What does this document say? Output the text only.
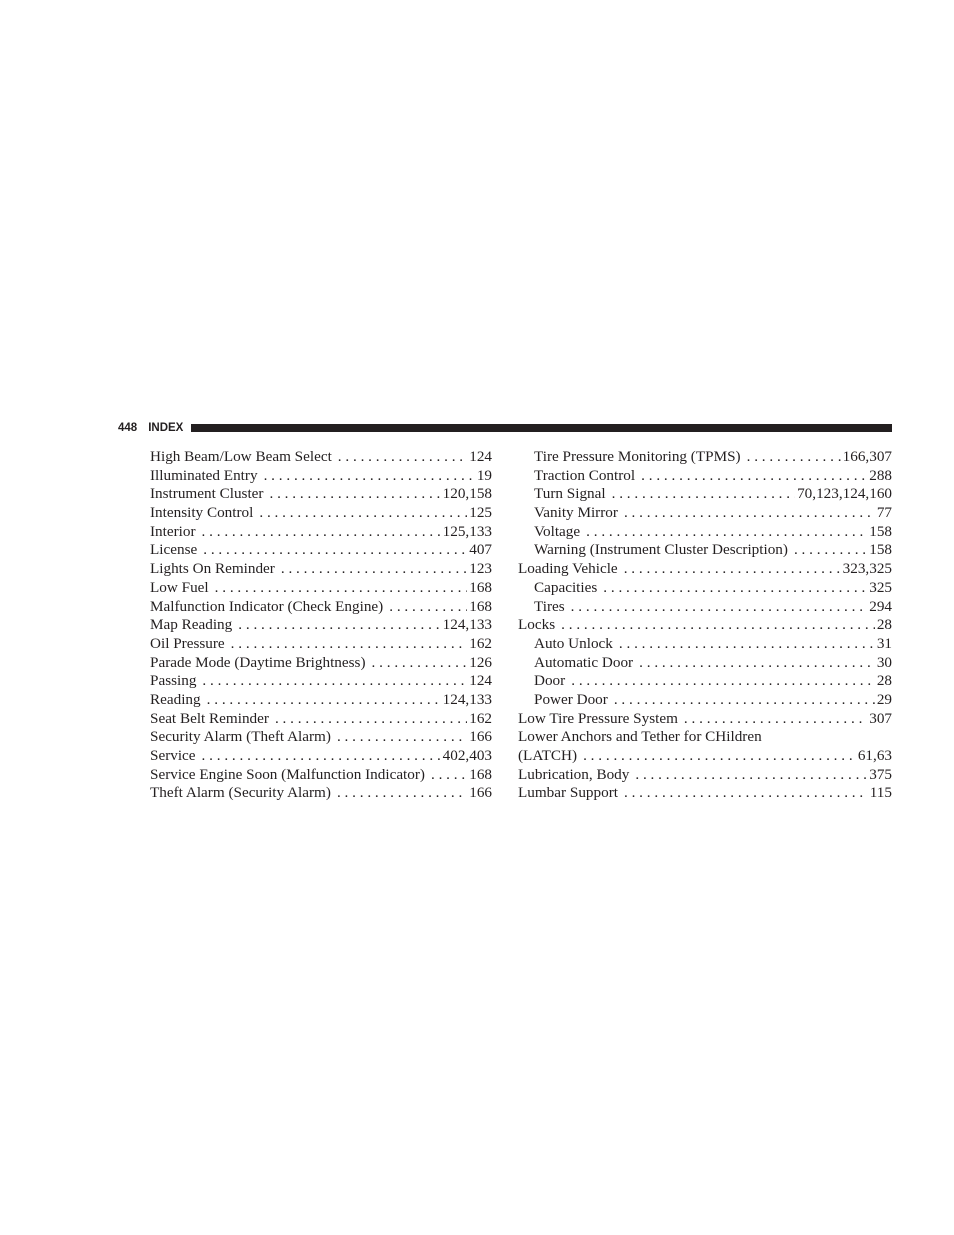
448 INDEX
High Beam/Low Beam Select . . .	124
Illuminated Entry . . .	19
Instrument Cluster . . .	120,158
Intensity Control . . .	125
Interior . . .	125,133
License . . .	407
Lights On Reminder . . .	123
Low Fuel . . .	168
Malfunction Indicator (Check Engine) . . .	168
Map Reading . . .	124,133
Oil Pressure . . .	162
Parade Mode (Daytime Brightness) . . .	126
Passing . . .	124
Reading . . .	124,133
Seat Belt Reminder . . .	162
Security Alarm (Theft Alarm) . . .	166
Service . . .	402,403
Service Engine Soon (Malfunction Indicator) . . .	168
Theft Alarm (Security Alarm) . . .	166
Tire Pressure Monitoring (TPMS) . . .	166,307
Traction Control . . .	288
Turn Signal . . .	70,123,124,160
Vanity Mirror . . .	77
Voltage . . .	158
Warning (Instrument Cluster Description) . . .	158
Loading Vehicle . . .	323,325
Capacities . . .	325
Tires . . .	294
Locks . . .	28
Auto Unlock . . .	31
Automatic Door . . .	30
Door . . .	28
Power Door . . .	29
Low Tire Pressure System . . .	307
Lower Anchors and Tether for CHildren
(LATCH) . . .	61,63
Lubrication, Body . . .	375
Lumbar Support . . .	115
